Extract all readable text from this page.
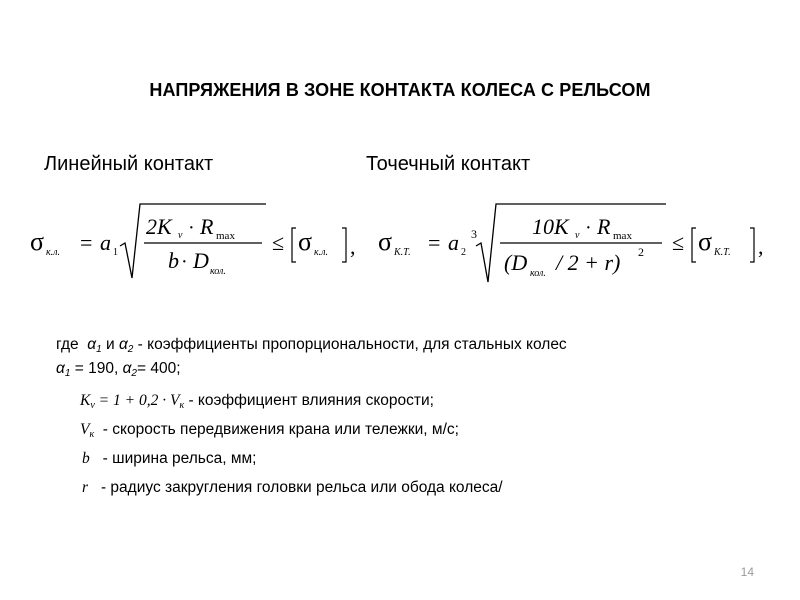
НАПРЯЖЕНИЯ В ЗОНЕ КОНТАКТА КОЛЕСА С РЕЛЬСОМ
Линейный контакт	Точечный контакт
σ к.л. = a 1
2K v · R max
b · D кол.
≤ σ к.л. , σ К.Т. = a 2
3	10K v · R max
(D кол. / 2 + r) 2 ≤ σ К.Т. ,
где $\alpha_1$ и $\alpha_2$ - коэффициенты пропорциональности, для стальных колес
$\alpha_1 = 190$, $\alpha_2= 400$;
$K_v = 1 + 0,2 \cdot V_к$ - коэффициент влияния скорости;
$V_к$ - скорость передвижения крана или тележки, м/с;
b - ширина рельса, мм;
r - радиус закругления головки рельса или обода колеса/
14
